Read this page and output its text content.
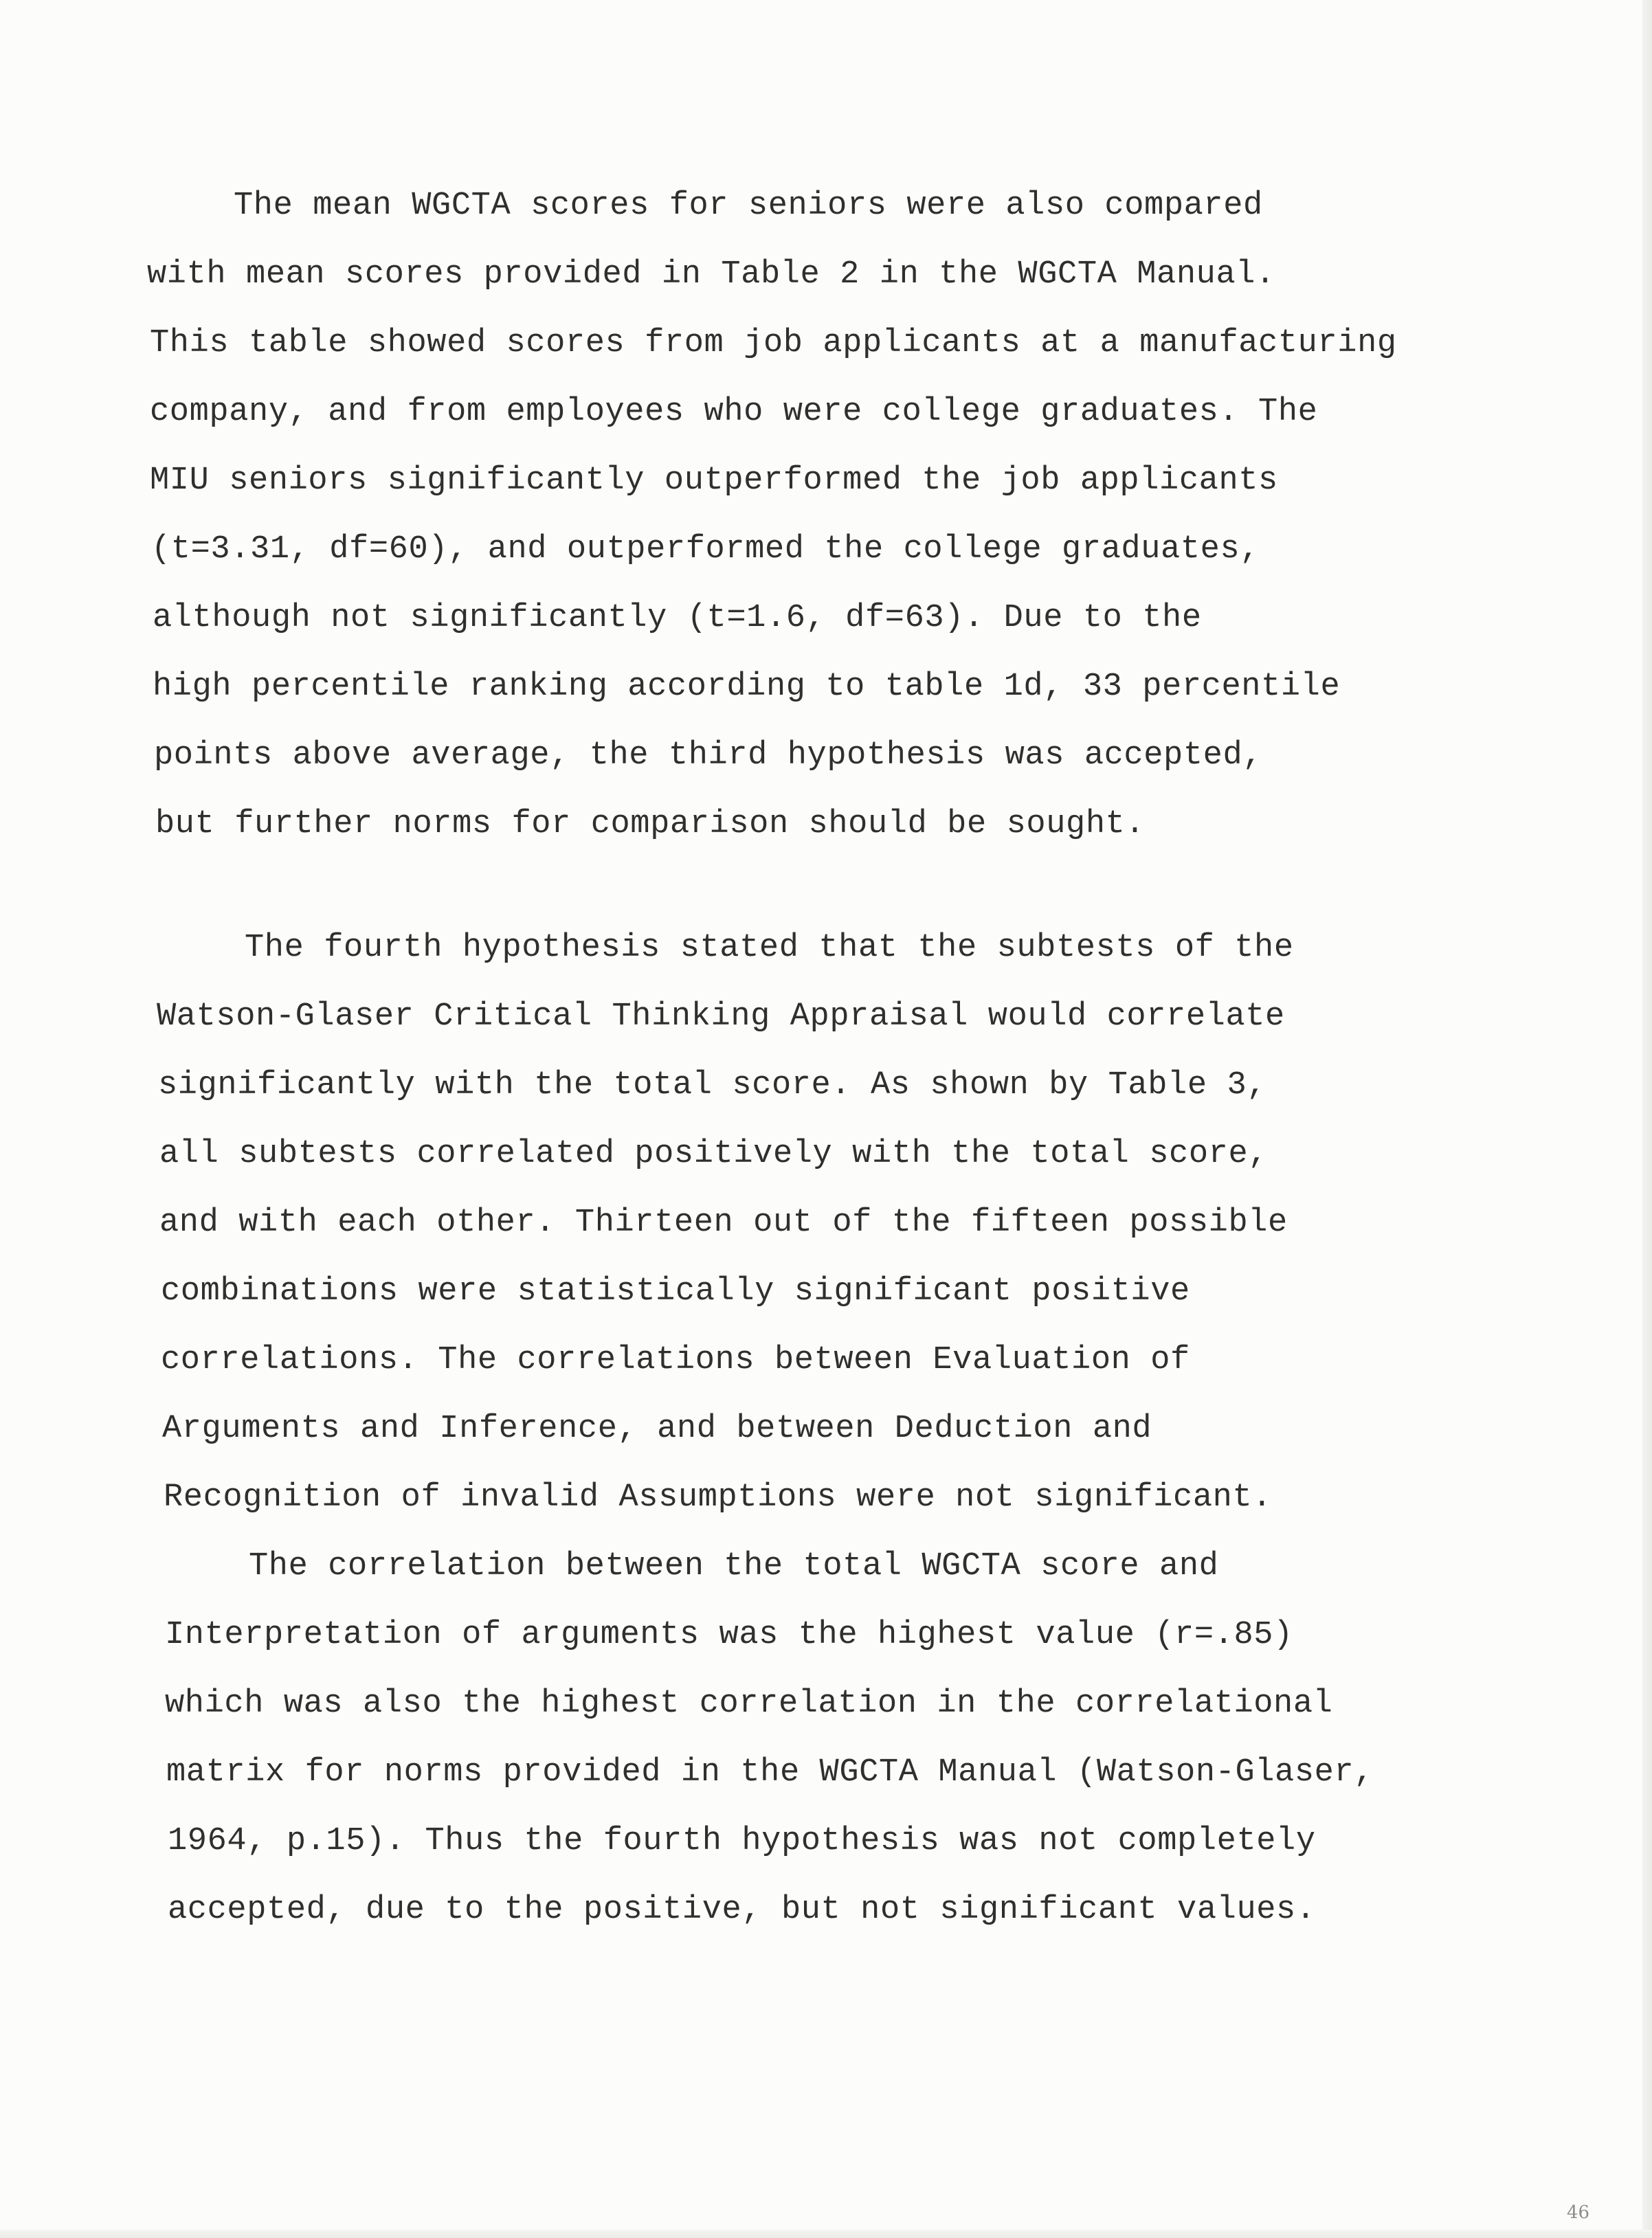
The mean WGCTA scores for seniors were also compared
with mean scores provided in Table 2 in the WGCTA Manual.
This table showed scores from job applicants at a manufacturing
company, and from employees who were college graduates. The
MIU seniors significantly outperformed the job applicants
(t=3.31, df=60), and outperformed the college graduates,
although not significantly (t=1.6, df=63). Due to the
high percentile ranking according to table 1d, 33 percentile
points above average, the third hypothesis was accepted,
but further norms for comparison should be sought.
The fourth hypothesis stated that the subtests of the
Watson-Glaser Critical Thinking Appraisal would correlate
significantly with the total score. As shown by Table 3,
all subtests correlated positively with the total score,
and with each other. Thirteen out of the fifteen possible
combinations were statistically significant positive
correlations. The correlations between Evaluation of
Arguments and Inference, and between Deduction and
Recognition of invalid Assumptions were not significant.
The correlation between the total WGCTA score and
Interpretation of arguments was the highest value (r=.85)
which was also the highest correlation in the correlational
matrix for norms provided in the WGCTA Manual (Watson-Glaser,
1964, p.15). Thus the fourth hypothesis was not completely
accepted, due to the positive, but not significant values.
46
